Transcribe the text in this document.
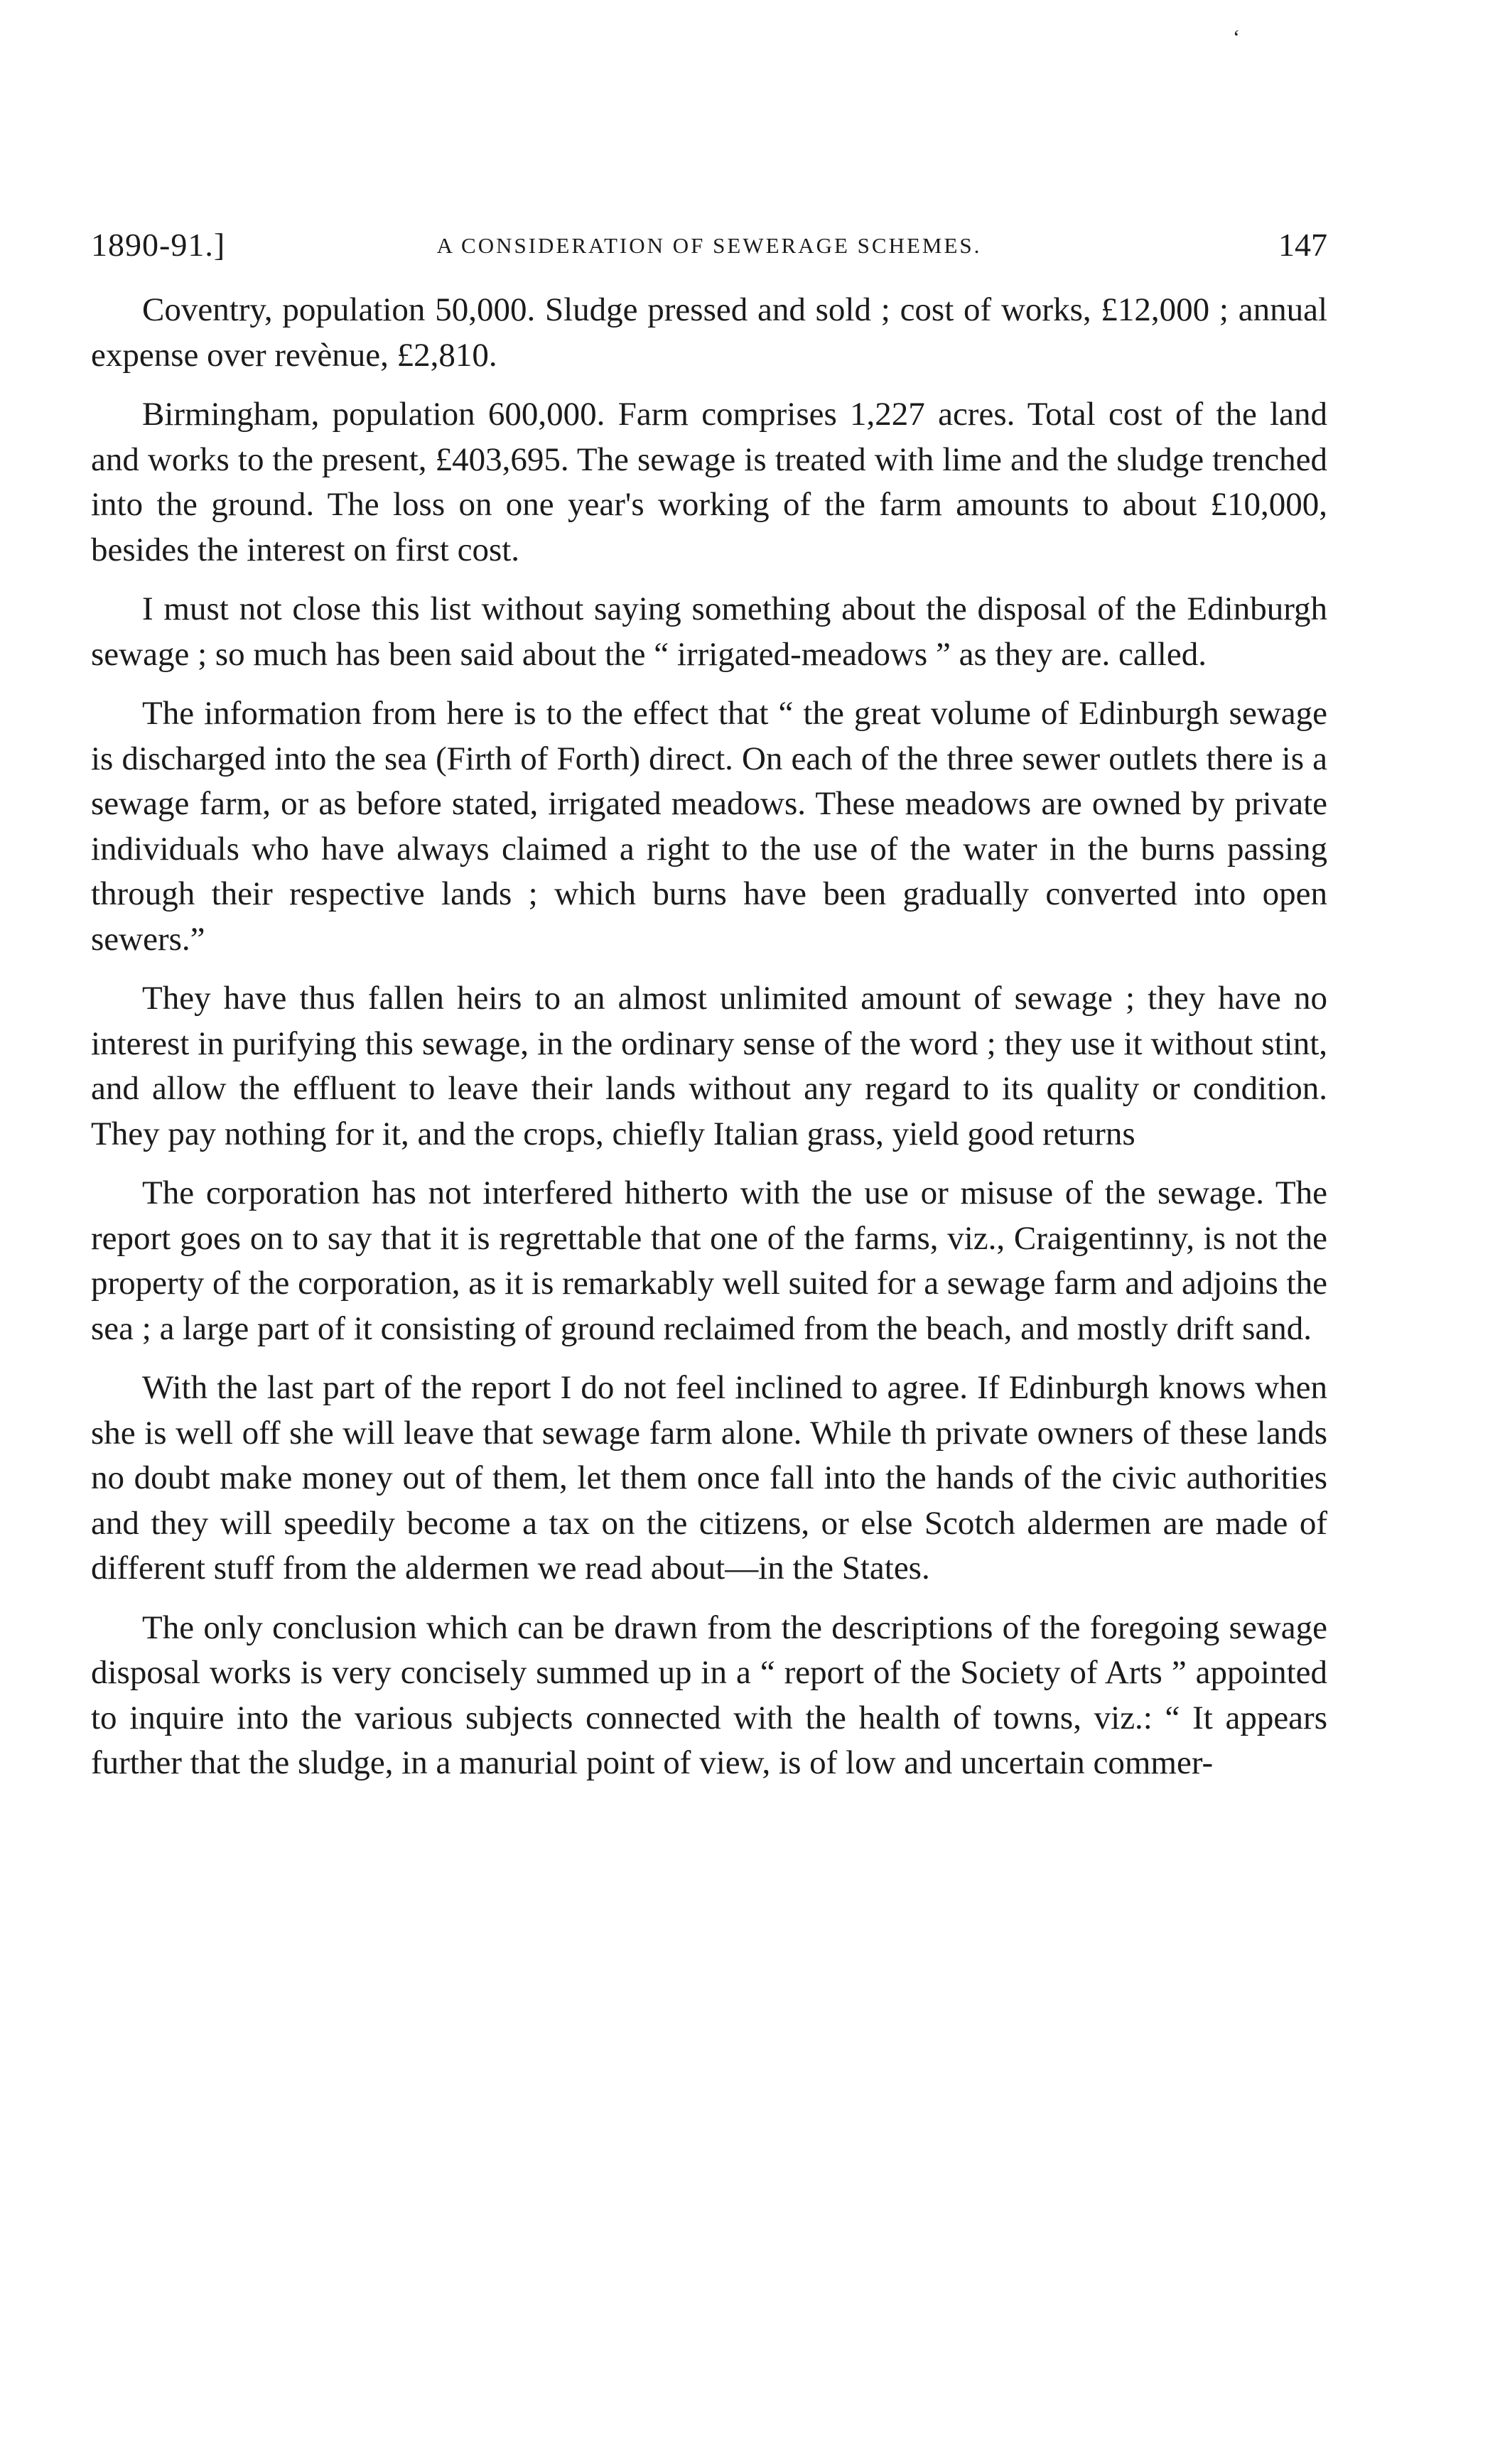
‘
1890-91.]	A CONSIDERATION OF SEWERAGE SCHEMES.	147

Coventry, population 50,000. Sludge pressed and sold ; cost of works, £12,000 ; annual expense over revènue, £2,810.

Birmingham, population 600,000. Farm comprises 1,227 acres. Total cost of the land and works to the present, £403,695. The sewage is treated with lime and the sludge trenched into the ground. The loss on one year's working of the farm amounts to about £10,000, besides the interest on first cost.

I must not close this list without saying something about the disposal of the Edinburgh sewage ; so much has been said about the “ irrigated-meadows ” as they are. called.

The information from here is to the effect that “ the great volume of Edinburgh sewage is discharged into the sea (Firth of Forth) direct. On each of the three sewer outlets there is a sewage farm, or as before stated, irrigated meadows. These meadows are owned by private individuals who have always claimed a right to the use of the water in the burns passing through their respective lands ; which burns have been gradually converted into open sewers.”

They have thus fallen heirs to an almost unlimited amount of sewage ; they have no interest in purifying this sewage, in the ordinary sense of the word ; they use it without stint, and allow the effluent to leave their lands without any regard to its quality or condition. They pay nothing for it, and the crops, chiefly Italian grass, yield good returns

The corporation has not interfered hitherto with the use or misuse of the sewage. The report goes on to say that it is regrettable that one of the farms, viz., Craigentinny, is not the property of the corporation, as it is remarkably well suited for a sewage farm and adjoins the sea ; a large part of it consisting of ground reclaimed from the beach, and mostly drift sand.

With the last part of the report I do not feel inclined to agree. If Edinburgh knows when she is well off she will leave that sewage farm alone. While th private owners of these lands no doubt make money out of them, let them once fall into the hands of the civic authorities and they will speedily become a tax on the citizens, or else Scotch aldermen are made of different stuff from the aldermen we read about—in the States.

The only conclusion which can be drawn from the descriptions of the foregoing sewage disposal works is very concisely summed up in a “ report of the Society of Arts ” appointed to inquire into the various subjects connected with the health of towns, viz.: “ It appears further that the sludge, in a manurial point of view, is of low and uncertain commer-
